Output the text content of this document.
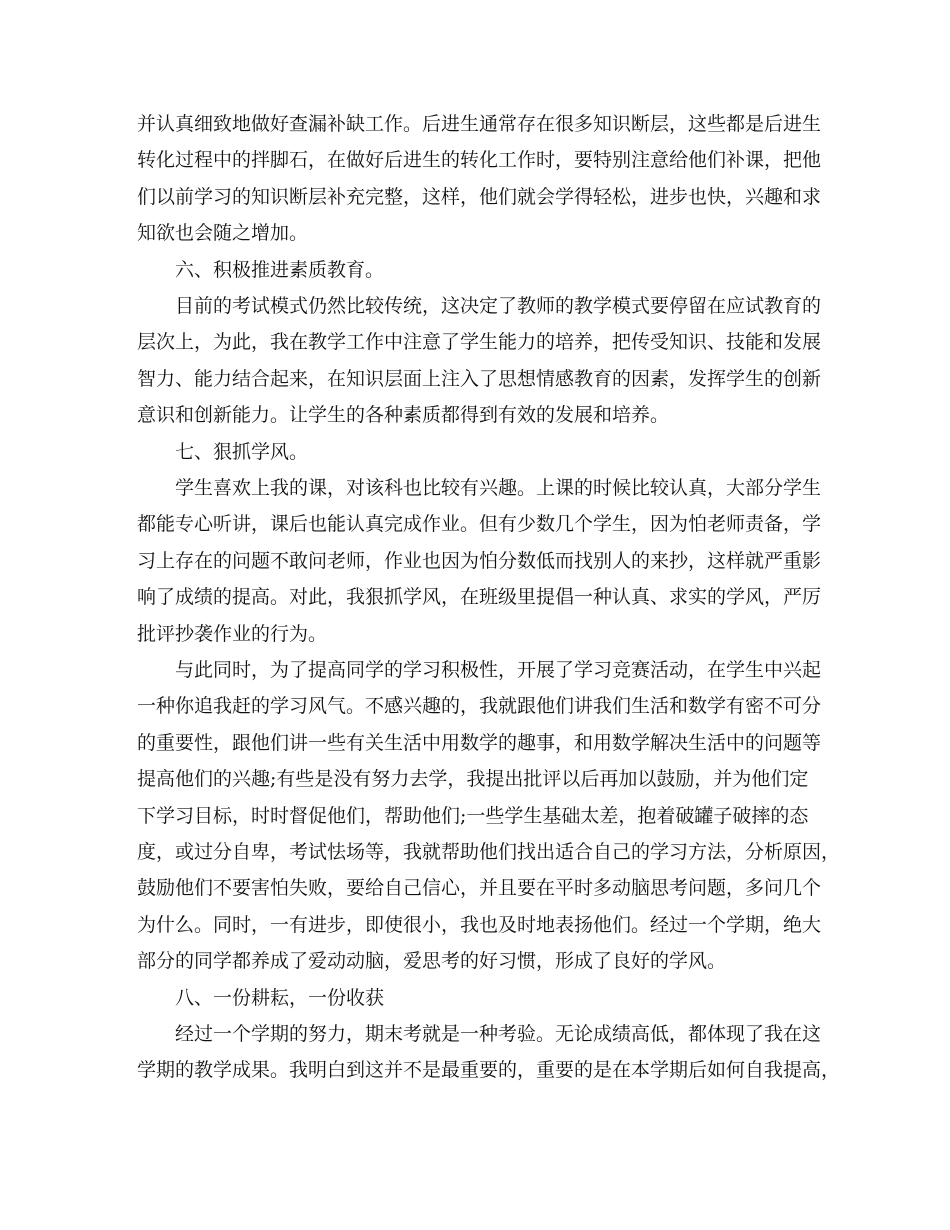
并认真细致地做好查漏补缺工作。后进生通常存在很多知识断层，这些都是后进生
转化过程中的拌脚石，在做好后进生的转化工作时，要特别注意给他们补课，把他
们以前学习的知识断层补充完整，这样，他们就会学得轻松，进步也快，兴趣和求
知欲也会随之增加。
六、积极推进素质教育。
目前的考试模式仍然比较传统，这决定了教师的教学模式要停留在应试教育的
层次上，为此，我在教学工作中注意了学生能力的培养，把传受知识、技能和发展
智力、能力结合起来，在知识层面上注入了思想情感教育的因素，发挥学生的创新
意识和创新能力。让学生的各种素质都得到有效的发展和培养。
七、狠抓学风。
学生喜欢上我的课，对该科也比较有兴趣。上课的时候比较认真，大部分学生
都能专心听讲，课后也能认真完成作业。但有少数几个学生，因为怕老师责备，学
习上存在的问题不敢问老师，作业也因为怕分数低而找别人的来抄，这样就严重影
响了成绩的提高。对此，我狠抓学风，在班级里提倡一种认真、求实的学风，严厉
批评抄袭作业的行为。
与此同时，为了提高同学的学习积极性，开展了学习竞赛活动，在学生中兴起
一种你追我赶的学习风气。不感兴趣的，我就跟他们讲我们生活和数学有密不可分
的重要性，跟他们讲一些有关生活中用数学的趣事，和用数学解决生活中的问题等
提高他们的兴趣;有些是没有努力去学，我提出批评以后再加以鼓励，并为他们定
下学习目标，时时督促他们，帮助他们;一些学生基础太差，抱着破罐子破摔的态
度，或过分自卑，考试怯场等，我就帮助他们找出适合自己的学习方法，分析原因，
鼓励他们不要害怕失败，要给自己信心，并且要在平时多动脑思考问题，多问几个
为什么。同时，一有进步，即使很小，我也及时地表扬他们。经过一个学期，绝大
部分的同学都养成了爱动动脑，爱思考的好习惯，形成了良好的学风。
八、一份耕耘，一份收获
经过一个学期的努力，期末考就是一种考验。无论成绩高低，都体现了我在这
学期的教学成果。我明白到这并不是最重要的，重要的是在本学期后如何自我提高，
